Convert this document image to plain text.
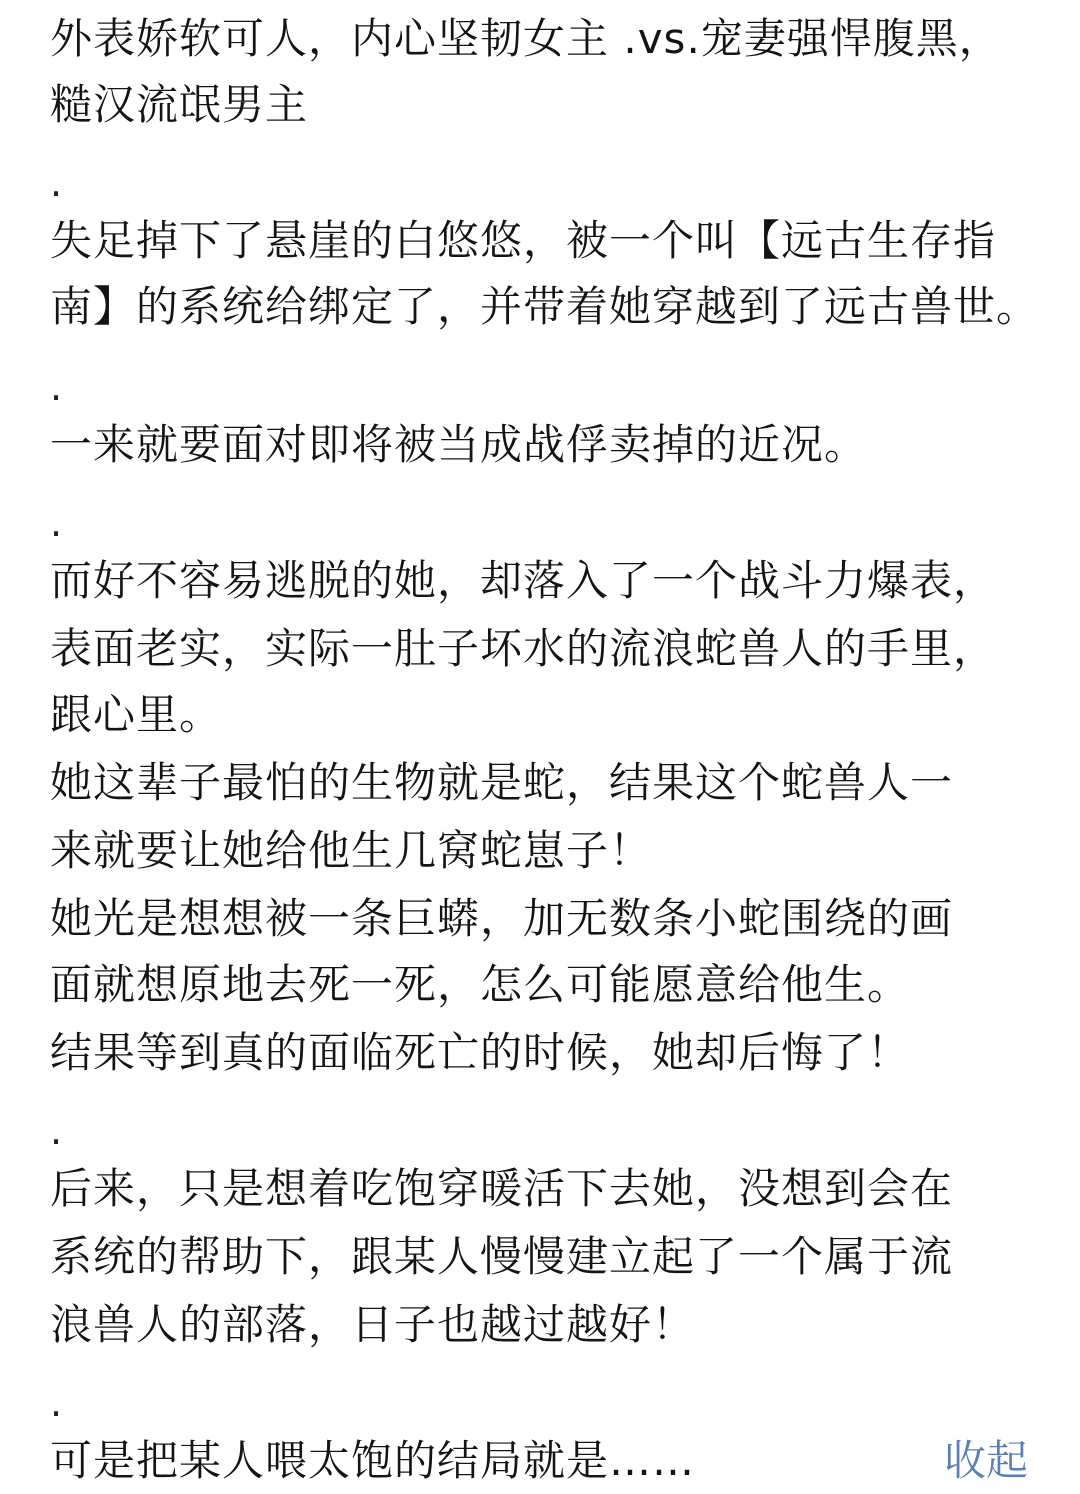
外表娇软可人，内心坚韧女主 .vs.宠妻强悍腹黑，
糙汉流氓男主
.
失足掉下了悬崖的白悠悠，被一个叫【远古生存指
南】的系统给绑定了，并带着她穿越到了远古兽世。
.
一来就要面对即将被当成战俘卖掉的近况。
.
而好不容易逃脱的她，却落入了一个战斗力爆表，
表面老实，实际一肚子坏水的流浪蛇兽人的手里，
跟心里。
她这辈子最怕的生物就是蛇，结果这个蛇兽人一
来就要让她给他生几窝蛇崽子！
她光是想想被一条巨蟒，加无数条小蛇围绕的画
面就想原地去死一死，怎么可能愿意给他生。
结果等到真的面临死亡的时候，她却后悔了！
.
后来，只是想着吃饱穿暖活下去她，没想到会在
系统的帮助下，跟某人慢慢建立起了一个属于流
浪兽人的部落，日子也越过越好！
.
可是把某人喂太饱的结局就是……	收起
